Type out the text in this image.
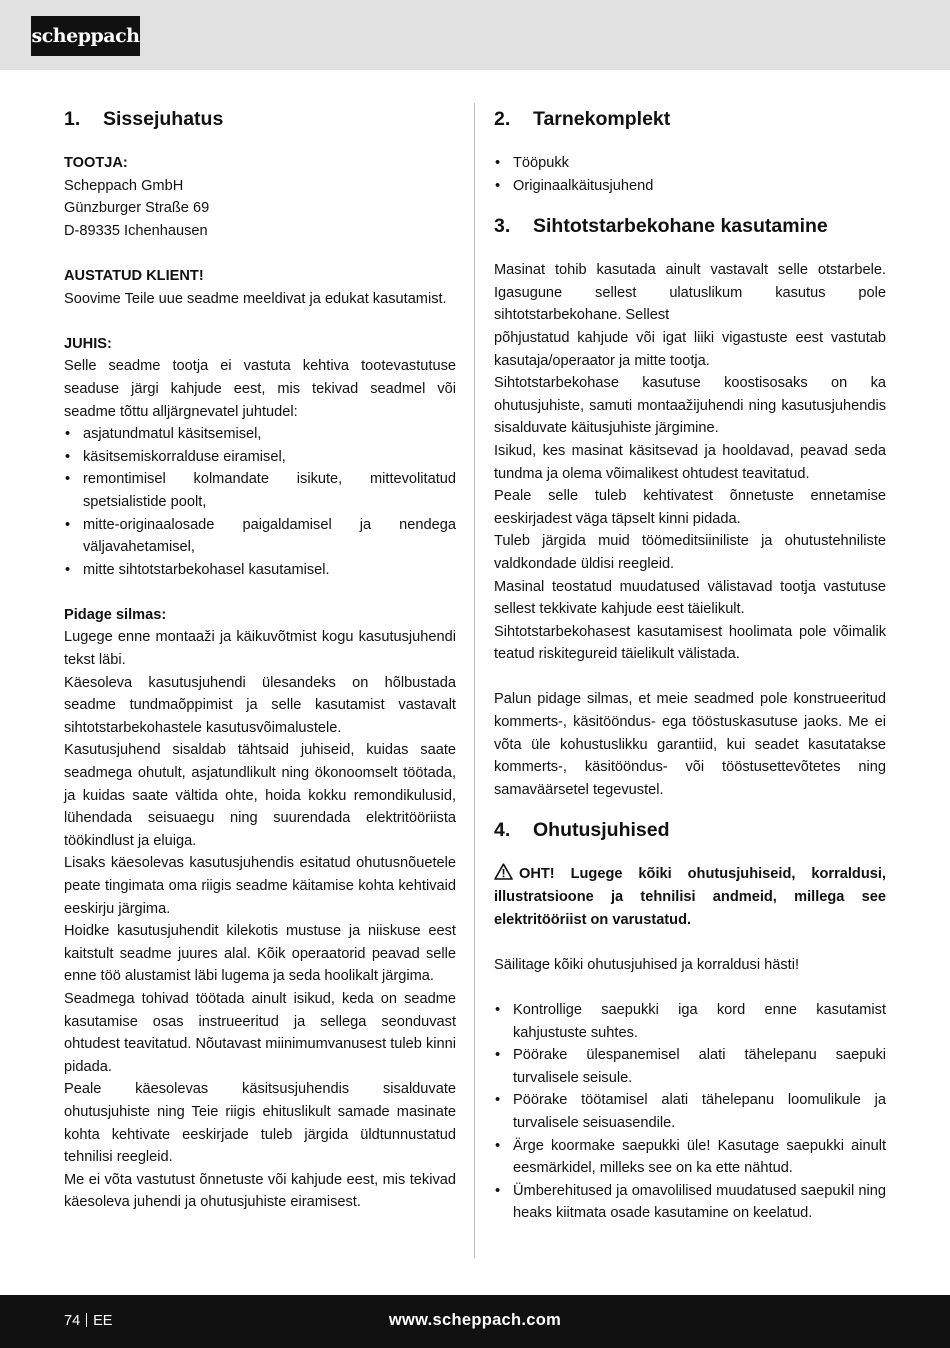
scheppach
1. Sissejuhatus

TOOTJA:

Scheppach GmbH

Günzburger Straße 69

D-89335 Ichenhausen

AUSTATUD KLIENT!

Soovime Teile uue seadme meeldivat ja edukat kasutamist.

JUHIS:

Selle seadme tootja ei vastuta kehtiva tootevastutuse seaduse järgi kahjude eest, mis tekivad seadmel või seadme tõttu alljärgnevatel juhtudel:

• asjatundmatul käsitsemisel,
• käsitsemiskorralduse eiramisel,
• remontimisel kolmandate isikute, mittevolitatud spetsialistide poolt,
• mitte-originaalosade paigaldamisel ja nendega väljavahetamisel,
• mitte sihtotstarbekohasel kasutamisel.

Pidage silmas:

Lugege enne montaaži ja käikuvõtmist kogu kasutusjuhendi tekst läbi.

Käesoleva kasutusjuhendi ülesandeks on hõlbustada seadme tundmaõppimist ja selle kasutamist vastavalt sihtotstarbekohastele kasutusvõimalustele.

Kasutusjuhend sisaldab tähtsaid juhiseid, kuidas saate seadmega ohutult, asjatundlikult ning ökonoomselt töötada, ja kuidas saate vältida ohte, hoida kokku remondikulusid, lühendada seisuaegu ning suurendada elektritööriista töökindlust ja eluiga.

Lisaks käesolevas kasutusjuhendis esitatud ohutusnõuetele peate tingimata oma riigis seadme käitamise kohta kehtivaid eeskirju järgima.

Hoidke kasutusjuhendit kilekotis mustuse ja niiskuse eest kaitstult seadme juures alal. Kõik operaatorid peavad selle enne töö alustamist läbi lugema ja seda hoolikalt järgima.

Seadmega tohivad töötada ainult isikud, keda on seadme kasutamise osas instrueeritud ja sellega seonduvast ohtudest teavitatud. Nõutavast miinimumvanusest tuleb kinni pidada.

Peale käesolevas käsitsusjuhendis sisalduvate ohutusjuhiste ning Teie riigis ehituslikult samade masinate kohta kehtivate eeskirjade tuleb järgida üldtunnustatud tehnilisi reegleid.

Me ei võta vastutust õnnetuste või kahjude eest, mis tekivad käesoleva juhendi ja ohutusjuhiste eiramisest.

2. Tarnekomplekt
• Tööpukk
• Originaalkäitusjuhend
3. Sihtotstarbekohane kasutamine

Masinat tohib kasutada ainult vastavalt selle otstarbele. Igasugune sellest ulatuslikum kasutus pole sihtotstarbekohane. Sellest

põhjustatud kahjude või igat liiki vigastuste eest vastutab kasutaja/operaator ja mitte tootja.

Sihtotstarbekohase kasutuse koostisosaks on ka ohutusjuhiste, samuti montaažijuhendi ning kasutusjuhendis sisalduvate käitusjuhiste järgimine.

Isikud, kes masinat käsitsevad ja hooldavad, peavad seda tundma ja olema võimalikest ohtudest teavitatud.

Peale selle tuleb kehtivatest õnnetuste ennetamise eeskirjadest väga täpselt kinni pidada.

Tuleb järgida muid töömeditsiiniliste ja ohutustehniliste valdkondade üldisi reegleid.

Masinal teostatud muudatused välistavad tootja vastutuse sellest tekkivate kahjude eest täielikult.

Sihtotstarbekohasest kasutamisest hoolimata pole võimalik teatud riskitegureid täielikult välistada.

Palun pidage silmas, et meie seadmed pole konstrueeritud kommerts-, käsitööndus- ega tööstuskasutuse jaoks. Me ei võta üle kohustuslikku garantiid, kui seadet kasutatakse kommerts-, käsitööndus- või tööstusettevõtetes ning samaväärsetel tegevustel.

4. Ohutusjuhised

OHT! Lugege kõiki ohutusjuhiseid, korraldusi, illustratsioone ja tehnilisi andmeid, millega see elektritööriist on varustatud.

Säilitage kõiki ohutusjuhised ja korraldusi hästi!

• Kontrollige saepukki iga kord enne kasutamist kahjustuste suhtes.
• Pöörake ülespanemisel alati tähelepanu saepuki turvalisele seisule.
• Pöörake töötamisel alati tähelepanu loomulikule ja turvalisele seisuasendile.
• Ärge koormake saepukki üle! Kasutage saepukki ainult eesmärkidel, milleks see on ka ette nähtud.
• Ümberehitused ja omavolilised muudatused saepukil ning heaks kiitmata osade kasutamine on keelatud.
74 EE	www.scheppach.com
